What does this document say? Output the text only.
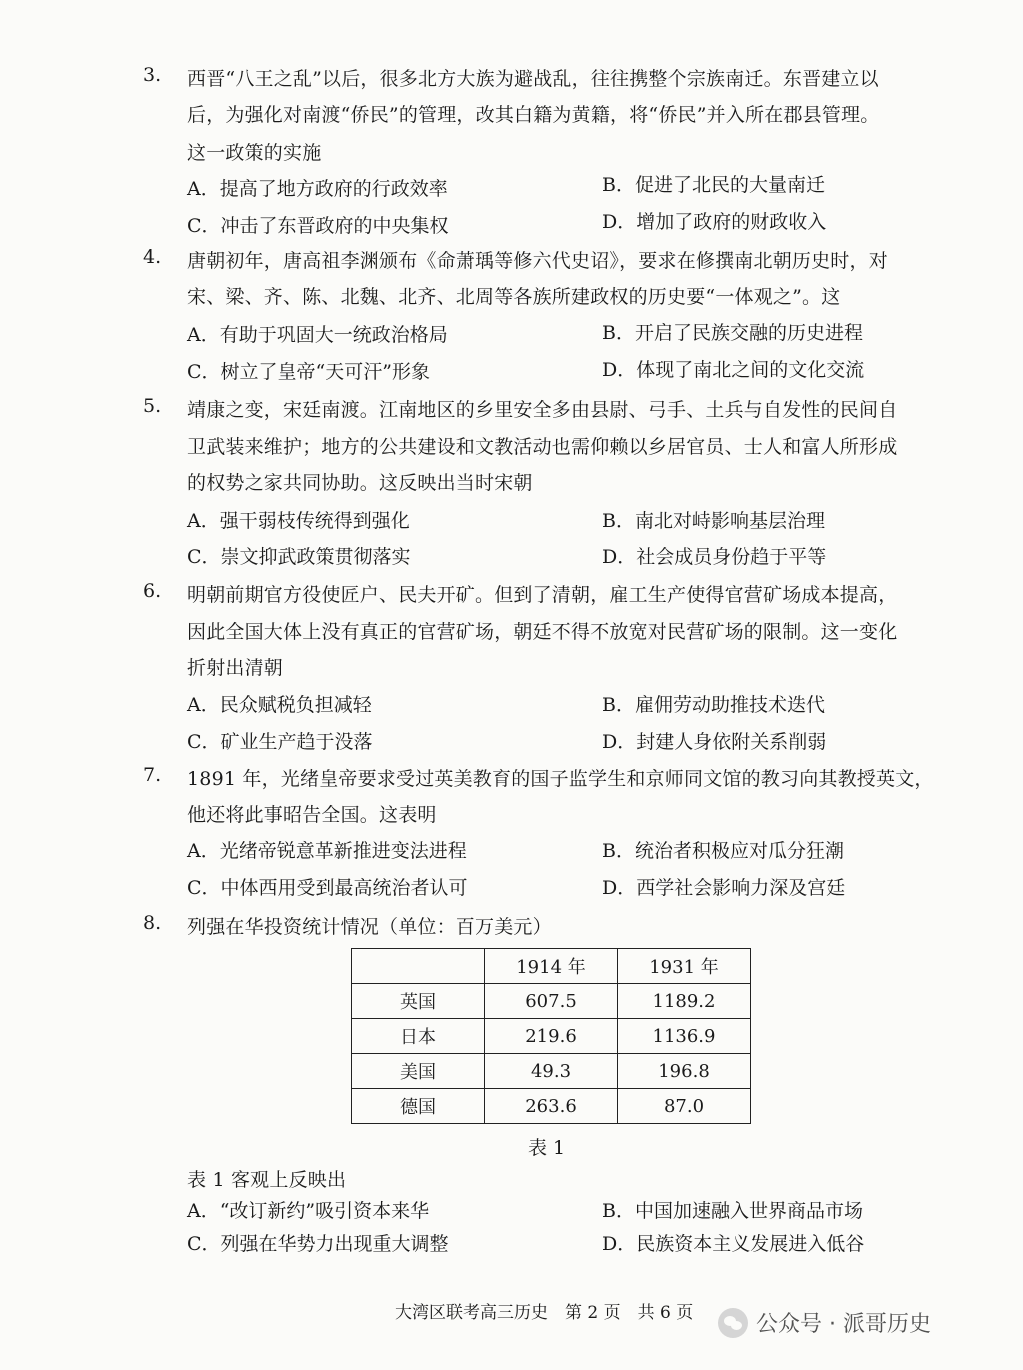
3. 西晋“八王之乱”以后，很多北方大族为避战乱，往往携整个宗族南迁。东晋建立以
后，为强化对南渡“侨民”的管理，改其白籍为黄籍，将“侨民”并入所在郡县管理。
这一政策的实施
A．提高了地方政府的行政效率	B．促进了北民的大量南迁
C．冲击了东晋政府的中央集权	D．增加了政府的财政收入
4. 唐朝初年，唐高祖李渊颁布《命萧瑀等修六代史诏》，要求在修撰南北朝历史时，对
宋、梁、齐、陈、北魏、北齐、北周等各族所建政权的历史要“一体观之”。这
A．有助于巩固大一统政治格局	B．开启了民族交融的历史进程
C．树立了皇帝“天可汗”形象	D．体现了南北之间的文化交流
5. 靖康之变，宋廷南渡。江南地区的乡里安全多由县尉、弓手、土兵与自发性的民间自
卫武装来维护；地方的公共建设和文教活动也需仰赖以乡居官员、士人和富人所形成
的权势之家共同协助。这反映出当时宋朝
A．强干弱枝传统得到强化	B．南北对峙影响基层治理
C．崇文抑武政策贯彻落实	D．社会成员身份趋于平等
6. 明朝前期官方役使匠户、民夫开矿。但到了清朝，雇工生产使得官营矿场成本提高，
因此全国大体上没有真正的官营矿场，朝廷不得不放宽对民营矿场的限制。这一变化
折射出清朝
A．民众赋税负担减轻	B．雇佣劳动助推技术迭代
C．矿业生产趋于没落	D．封建人身依附关系削弱
7. 1891 年，光绪皇帝要求受过英美教育的国子监学生和京师同文馆的教习向其教授英文，
他还将此事昭告全国。这表明
A．光绪帝锐意革新推进变法进程	B．统治者积极应对瓜分狂潮
C．中体西用受到最高统治者认可	D．西学社会影响力深及宫廷
8. 列强在华投资统计情况（单位：百万美元）
	1914 年	1931 年
英国	607.5	1189.2
日本	219.6	1136.9
美国	49.3	196.8
德国	263.6	87.0
表 1
表 1 客观上反映出
A．“改订新约”吸引资本来华	B．中国加速融入世界商品市场
C．列强在华势力出现重大调整	D．民族资本主义发展进入低谷
大湾区联考高三历史　第 2 页　共 6 页	公众号 · 派哥历史
